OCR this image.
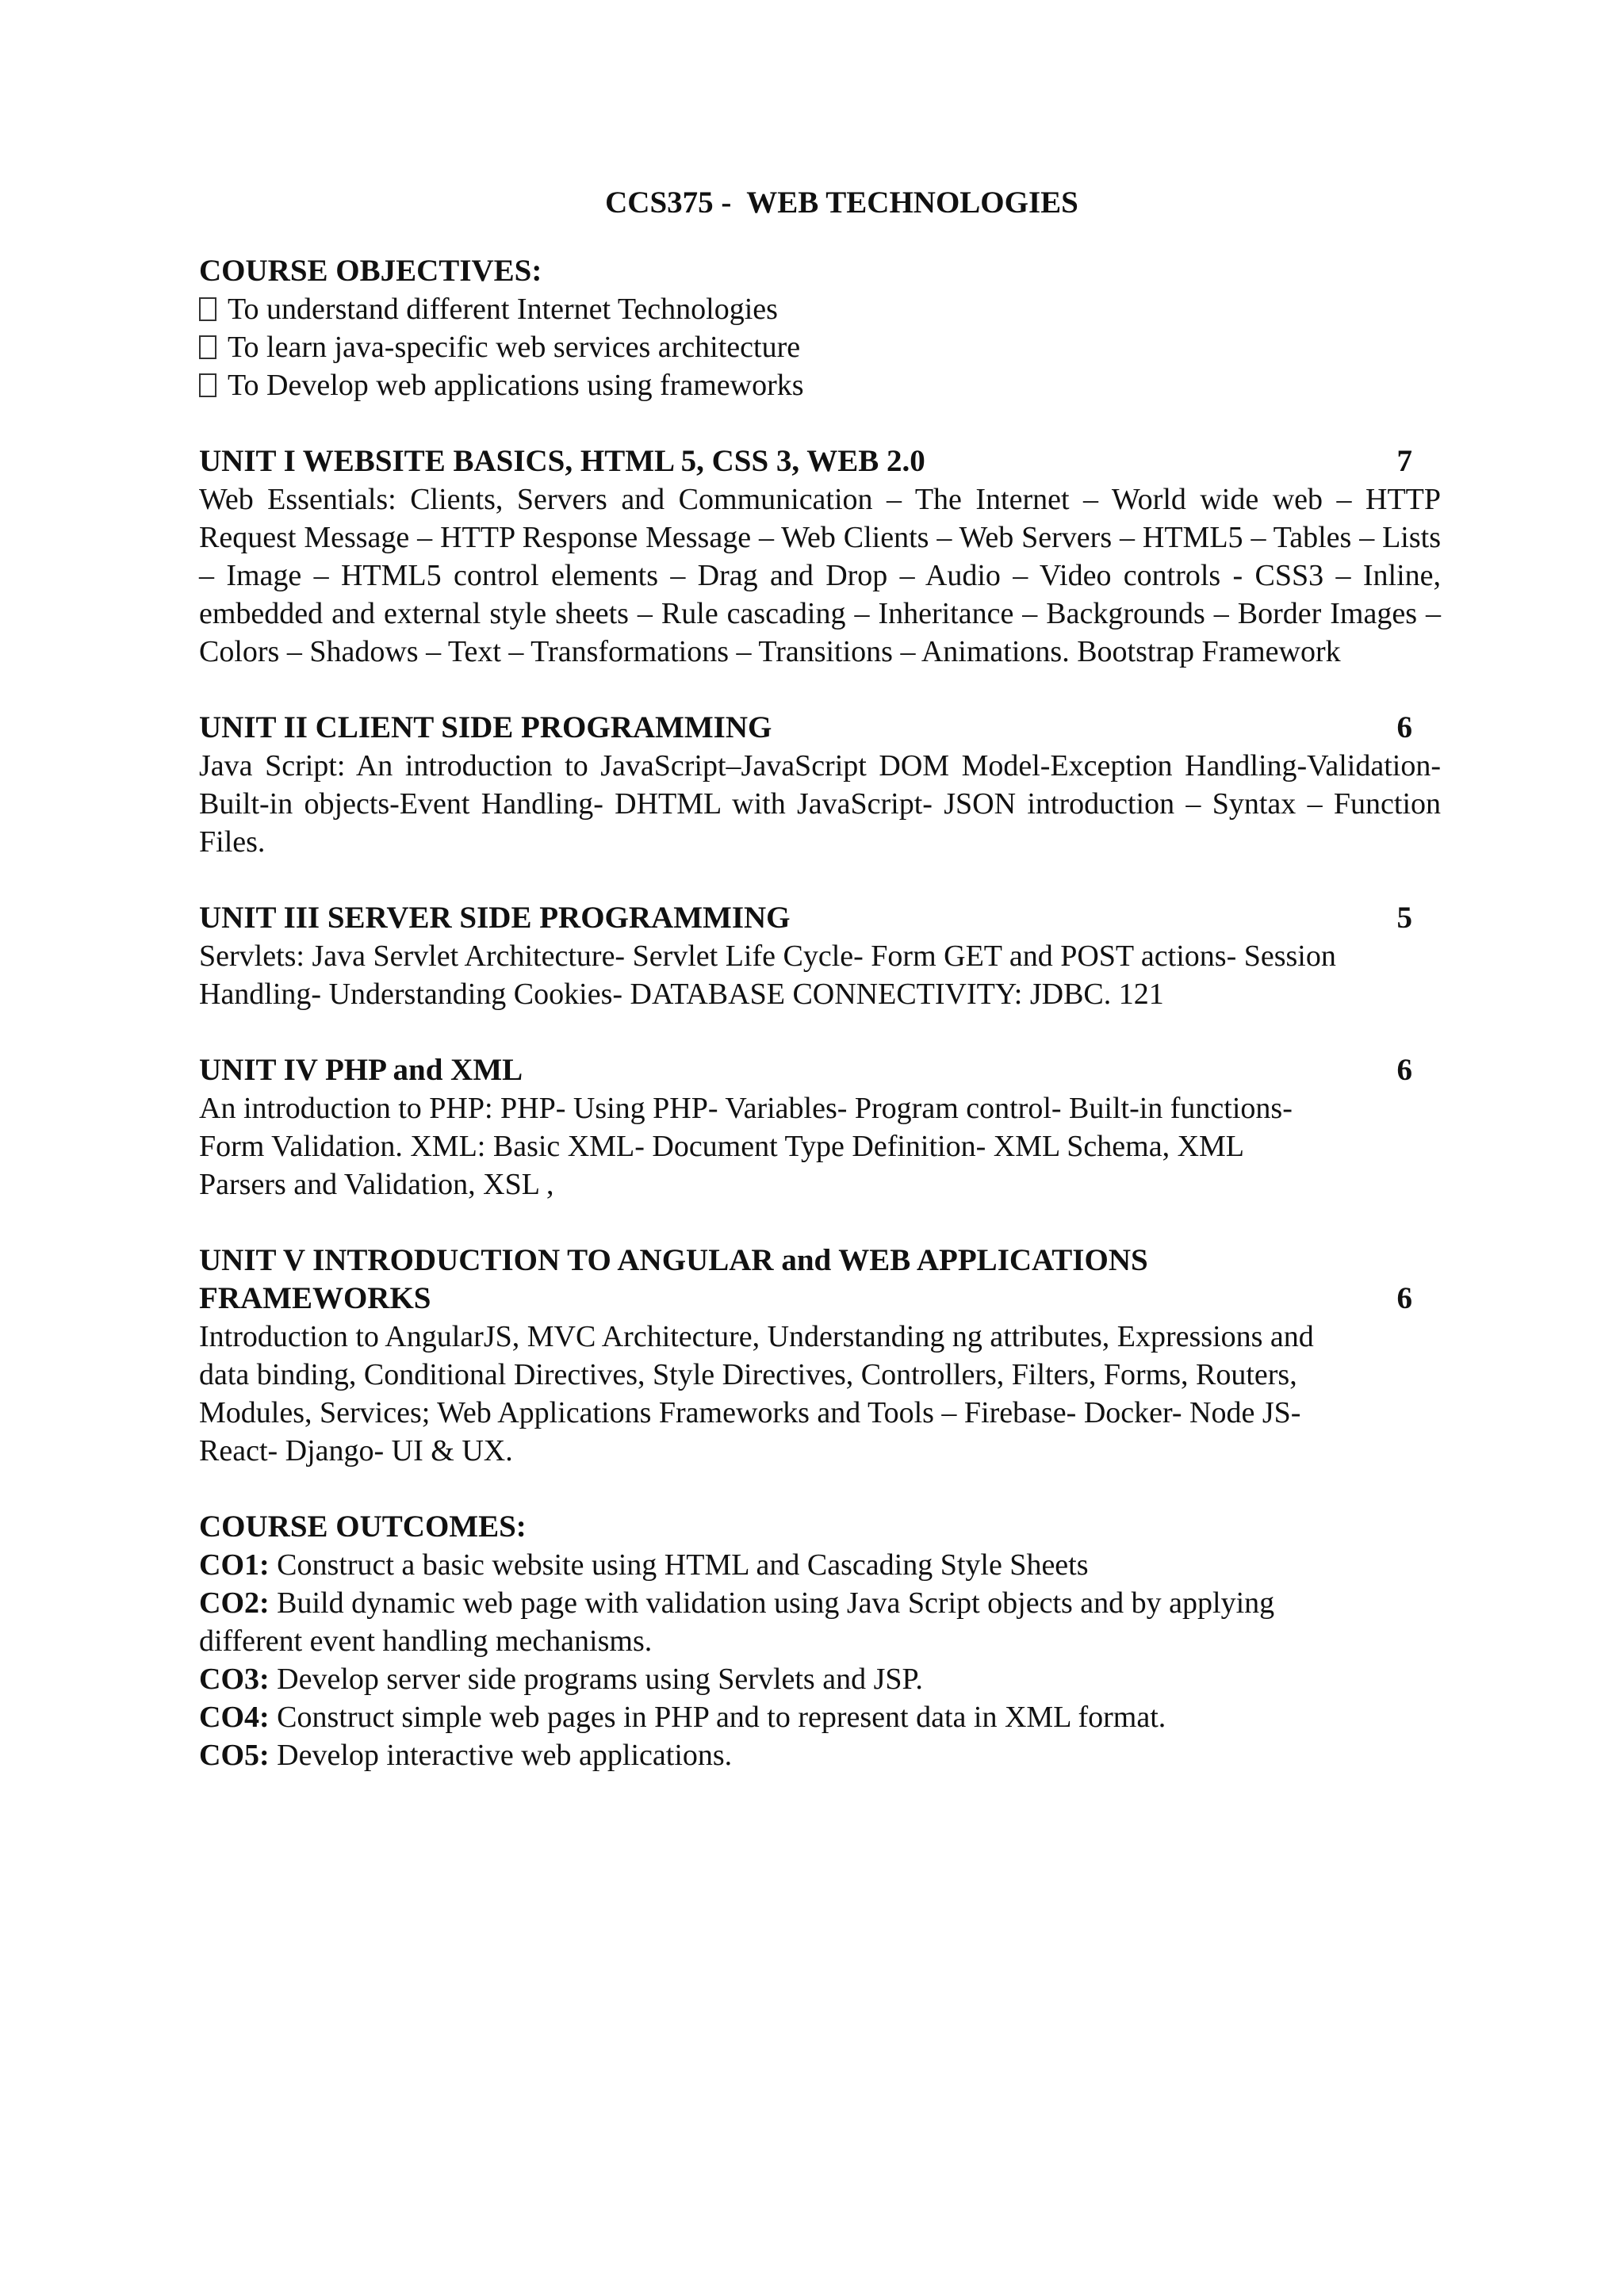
CCS375 -  WEB TECHNOLOGIES
COURSE OBJECTIVES:
To understand different Internet Technologies
To learn java-specific web services architecture
To Develop web applications using frameworks
UNIT I WEBSITE BASICS, HTML 5, CSS 3, WEB 2.0	7

Web Essentials: Clients, Servers and Communication – The Internet – World wide web – HTTP Request Message – HTTP Response Message – Web Clients – Web Servers – HTML5 – Tables – Lists – Image – HTML5 control elements – Drag and Drop – Audio – Video controls - CSS3 – Inline, embedded and external style sheets – Rule cascading – Inheritance – Backgrounds – Border Images – Colors – Shadows – Text – Transformations – Transitions – Animations. Bootstrap Framework

UNIT II CLIENT SIDE PROGRAMMING	6

Java Script: An introduction to JavaScript–JavaScript DOM Model-Exception Handling-Validation- Built-in objects-Event Handling- DHTML with JavaScript- JSON introduction – Syntax – Function Files.

UNIT III SERVER SIDE PROGRAMMING	5

Servlets: Java Servlet Architecture- Servlet Life Cycle- Form GET and POST actions- Session Handling- Understanding Cookies- DATABASE CONNECTIVITY: JDBC. 121

UNIT IV PHP and XML	6
An introduction to PHP: PHP- Using PHP- Variables- Program control- Built-in functions-
Form Validation. XML: Basic XML- Document Type Definition- XML Schema, XML
Parsers and Validation, XSL ,
UNIT V INTRODUCTION TO ANGULAR and WEB APPLICATIONS
FRAMEWORKS	6
Introduction to AngularJS, MVC Architecture, Understanding ng attributes, Expressions and
data binding, Conditional Directives, Style Directives, Controllers, Filters, Forms, Routers,
Modules, Services; Web Applications Frameworks and Tools – Firebase- Docker- Node JS-
React- Django- UI & UX.
COURSE OUTCOMES:

CO1: Construct a basic website using HTML and Cascading Style Sheets

CO2: Build dynamic web page with validation using Java Script objects and by applying

different event handling mechanisms.

CO3: Develop server side programs using Servlets and JSP.

CO4: Construct simple web pages in PHP and to represent data in XML format.

CO5: Develop interactive web applications.
